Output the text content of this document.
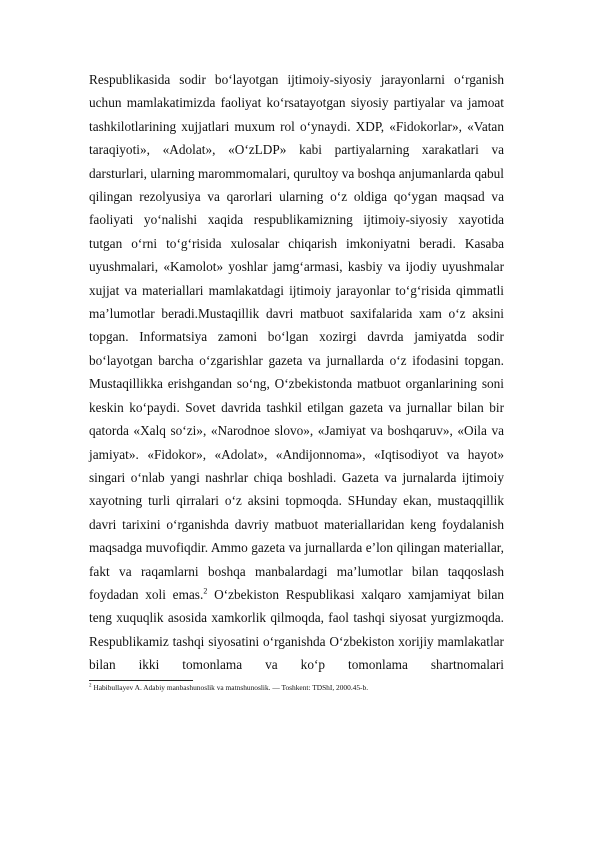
Respublikasida sodir bo‘layotgan ijtimoiy-siyosiy jarayonlarni o‘rganish uchun mamlakatimizda faoliyat ko‘rsatayotgan siyosiy partiyalar va jamoat tashkilotlarining xujjatlari muxum rol o‘ynaydi. XDP, «Fidokorlar», «Vatan taraqiyoti», «Adolat», «O‘zLDP» kabi partiyalarning xarakatlari va darsturlari, ularning marommomalari, qurultoy va boshqa anjumanlarda qabul qilingan rezolyusiya va qarorlari ularning o‘z oldiga qo‘ygan maqsad va faoliyati yo‘nalishi xaqida respublikamizning ijtimoiy-siyosiy xayotida tutgan o‘rni to‘g‘risida xulosalar chiqarish imkoniyatni beradi. Kasaba uyushmalari, «Kamolot» yoshlar jamg‘armasi, kasbiy va ijodiy uyushmalar xujjat va materiallari mamlakatdagi ijtimoiy jarayonlar to‘g‘risida qimmatli ma’lumotlar beradi.Mustaqillik davri matbuot saxifalarida xam o‘z aksini topgan. Informatsiya zamoni bo‘lgan xozirgi davrda jamiyatda sodir bo‘layotgan barcha o‘zgarishlar gazeta va jurnallarda o‘z ifodasini topgan. Mustaqillikka erishgandan so‘ng, O‘zbekistonda matbuot organlarining soni keskin ko‘paydi. Sovet davrida tashkil etilgan gazeta va jurnallar bilan bir qatorda «Xalq so‘zi», «Narodnoe slovo», «Jamiyat va boshqaruv», «Oila va jamiyat». «Fidokor», «Adolat», «Andijonnoma», «Iqtisodiyot va hayot» singari o‘nlab yangi nashrlar chiqa boshladi. Gazeta va jurnalarda ijtimoiy xayotning turli qirralari o‘z aksini topmoqda. SHunday ekan, mustaqqillik davri tarixini o‘rganishda davriy matbuot materiallaridan keng foydalanish maqsadga muvofiqdir. Ammo gazeta va jurnallarda e’lon qilingan materiallar, fakt va raqamlarni boshqa manbalardagi ma’lumotlar bilan taqqoslash foydadan xoli emas.$^2$ O‘zbekiston Respublikasi xalqaro xamjamiyat bilan teng xuquqlik asosida xamkorlik qilmoqda, faol tashqi siyosat yurgizmoqda. Respublikamiz tashqi siyosatini o‘rganishda O‘zbekiston xorijiy mamlakatlar bilan ikki tomonlama va ko‘p tomonlama shartnomalari

$^2$ Habibullayev A. Adabiy manbashunoslik va matnshunoslik. — Toshkent: TDShI, 2000.45-b.
